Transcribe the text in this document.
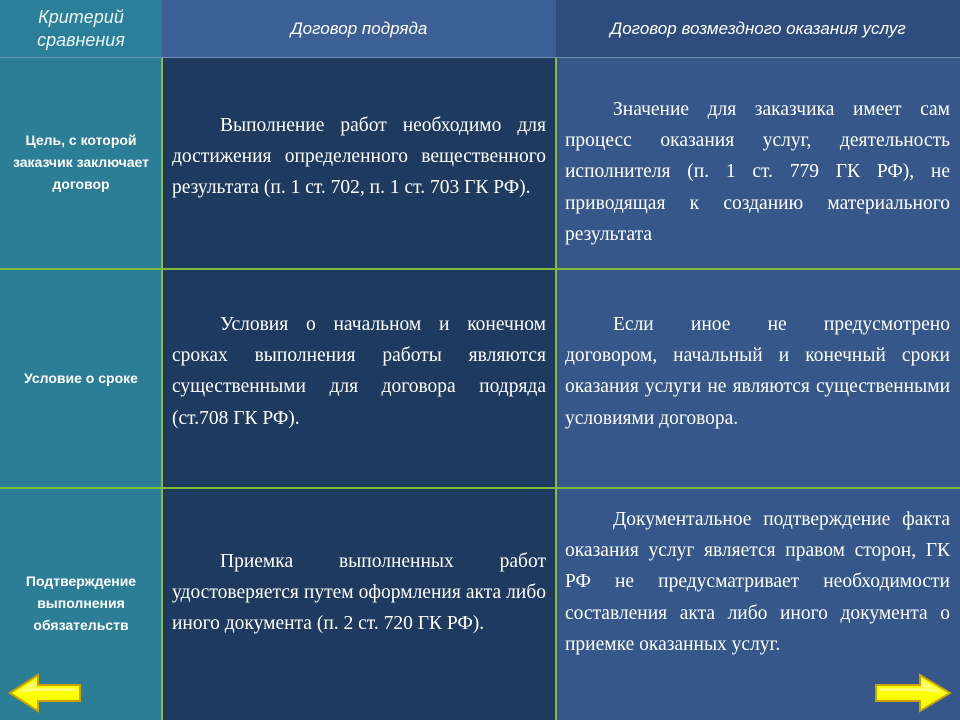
Критерий сравнения
Договор подряда	Договор возмездного оказания услуг
Цель, с которой заказчик заключает договор
Выполнение работ необходимо для достижения определенного вещественного результата (п. 1 ст. 702, п. 1 ст. 703 ГК РФ).
Значение для заказчика имеет сам процесс оказания услуг, деятельность исполнителя (п. 1 ст. 779 ГК РФ), не приводящая к созданию материального результата
Условие о сроке
Условия о начальном и конечном сроках выполнения работы являются существенными для договора подряда (ст.708 ГК РФ).
Если иное не предусмотрено договором, начальный и конечный сроки оказания услуги не являются существенными условиями договора.
Подтверждение выполнения обязательств
Приемка выполненных работ удостоверяется путем оформления акта либо иного документа (п. 2 ст. 720 ГК РФ).
Документальное подтверждение факта оказания услуг является правом сторон, ГК РФ не предусматривает необходимости составления акта либо иного документа о приемке оказанных услуг.
